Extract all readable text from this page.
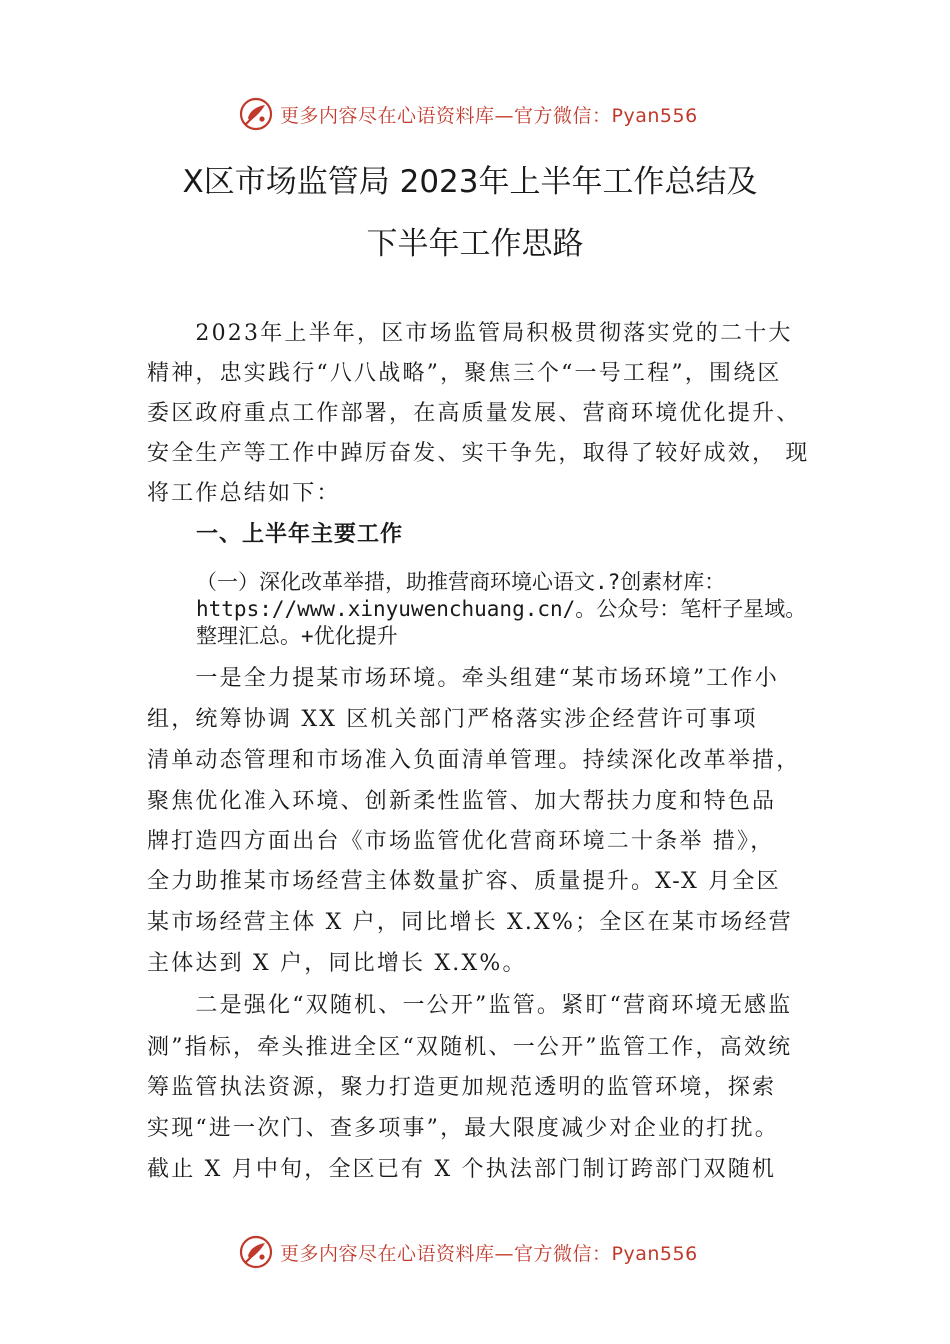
更多内容尽在心语资料库—官方微信：Pyan556
X区市场监管局 2023年上半年工作总结及
下半年工作思路
　　2023年上半年，区市场监管局积极贯彻落实党的二十大
精神，忠实践行“八八战略”，聚焦三个“一号工程”，围绕区
委区政府重点工作部署，在高质量发展、营商环境优化提升、
安全生产等工作中踔厉奋发、实干争先，取得了较好成效， 现
将工作总结如下：
一、上半年主要工作
（一）深化改革举措，助推营商环境心语文.?创素材库：
https://www.xinyuwenchuang.cn/。公众号：笔杆子星域。
整理汇总。+优化提升
　　一是全力提某市场环境。牵头组建“某市场环境”工作小
组，统筹协调 XX 区机关部门严格落实涉企经营许可事项
清单动态管理和市场准入负面清单管理。持续深化改革举措，
聚焦优化准入环境、创新柔性监管、加大帮扶力度和特色品
牌打造四方面出台《市场监管优化营商环境二十条举 措》，
全力助推某市场经营主体数量扩容、质量提升。X-X 月全区
某市场经营主体 X 户，同比增长 X.X%；全区在某市场经营
主体达到 X 户，同比增长 X.X%。
　　二是强化“双随机、一公开”监管。紧盯“营商环境无感监
测”指标，牵头推进全区“双随机、一公开”监管工作，高效统
筹监管执法资源，聚力打造更加规范透明的监管环境，探索
实现“进一次门、查多项事”，最大限度减少对企业的打扰。
截止 X 月中旬，全区已有 X 个执法部门制订跨部门双随机
更多内容尽在心语资料库—官方微信：Pyan556
